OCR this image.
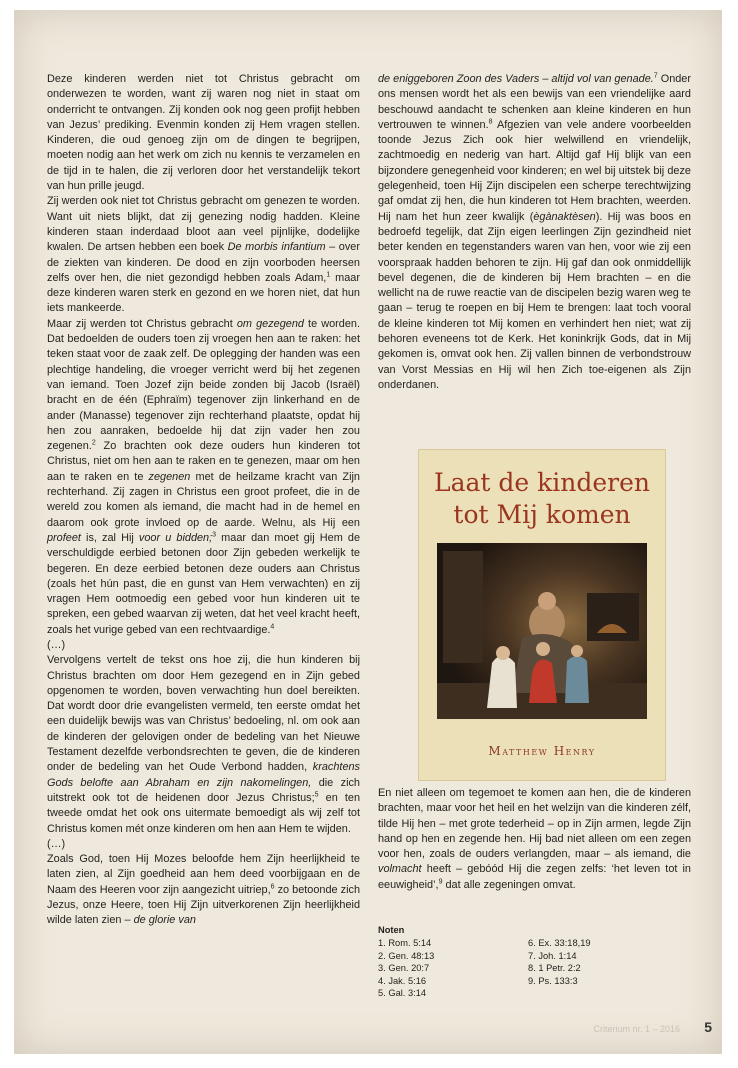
Deze kinderen werden niet tot Christus gebracht om onderwezen te worden, want zij waren nog niet in staat om onderricht te ontvangen. Zij konden ook nog geen profijt hebben van Jezus’ prediking. Evenmin konden zij Hem vragen stellen. Kinderen, die oud genoeg zijn om de dingen te begrijpen, moeten nodig aan het werk om zich nu kennis te verzamelen en de tijd in te halen, die zij verloren door het verstandelijk tekort van hun prille jeugd.

Zij werden ook niet tot Christus gebracht om genezen te worden. Want uit niets blijkt, dat zij genezing nodig hadden. Kleine kinderen staan inderdaad bloot aan veel pijnlijke, dodelijke kwalen. De artsen hebben een boek De morbis infantium – over de ziekten van kinderen. De dood en zijn voorboden heersen zelfs over hen, die niet gezondigd hebben zoals Adam,$^1$ maar deze kinderen waren sterk en gezond en we horen niet, dat hun iets mankeerde.

Maar zij werden tot Christus gebracht om gezegend te worden. Dat bedoelden de ouders toen zij vroegen hen aan te raken: het teken staat voor de zaak zelf. De oplegging der handen was een plechtige handeling, die vroeger verricht werd bij het zegenen van iemand. Toen Jozef zijn beide zonden bij Jacob (Israël) bracht en de één (Ephraïm) tegenover zijn linkerhand en de ander (Manasse) tegenover zijn rechterhand plaatste, opdat hij hen zou aanraken, bedoelde hij dat zijn vader hen zou zegenen.$^2$ Zo brachten ook deze ouders hun kinderen tot Christus, niet om hen aan te raken en te genezen, maar om hen aan te raken en te zegenen met de heilzame kracht van Zijn rechterhand. Zij zagen in Christus een groot profeet, die in de wereld zou komen als iemand, die macht had in de hemel en daarom ook grote invloed op de aarde. Welnu, als Hij een profeet is, zal Hij voor u bidden;$^3$ maar dan moet gij Hem de verschuldigde eerbied betonen door Zijn gebeden werkelijk te begeren. En deze eerbied betonen deze ouders aan Christus (zoals het hún past, die en gunst van Hem verwachten) en zij vragen Hem ootmoedig een gebed voor hun kinderen uit te spreken, een gebed waarvan zij weten, dat het veel kracht heeft, zoals het vurige gebed van een rechtvaardige.$^4$

(…)

Vervolgens vertelt de tekst ons hoe zij, die hun kinderen bij Christus brachten om door Hem gezegend en in Zijn gebed opgenomen te worden, boven verwachting hun doel bereikten. Dat wordt door drie evangelisten vermeld, ten eerste omdat het een duidelijk bewijs was van Christus’ bedoeling, nl. om ook aan de kinderen der gelovigen onder de bedeling van het Nieuwe Testament dezelfde verbondsrechten te geven, die de kinderen onder de bedeling van het Oude Verbond hadden, krachtens Gods belofte aan Abraham en zijn nakomelingen, die zich uitstrekt ook tot de heidenen door Jezus Christus;$^5$ en ten tweede omdat het ook ons uitermate bemoedigt als wij zelf tot Christus komen mét onze kinderen om hen aan Hem te wijden.

(…)

Zoals God, toen Hij Mozes beloofde hem Zijn heerlijkheid te laten zien, al Zijn goedheid aan hem deed voorbijgaan en de Naam des Heeren voor zijn aangezicht uitriep,$^6$ zo betoonde zich Jezus, onze Heere, toen Hij Zijn uitverkorenen Zijn heerlijkheid wilde laten zien – de glorie van

de eniggeboren Zoon des Vaders – altijd vol van genade.$^7$ Onder ons mensen wordt het als een bewijs van een vriendelijke aard beschouwd aandacht te schenken aan kleine kinderen en hun vertrouwen te winnen.$^8$ Afgezien van vele andere voorbeelden toonde Jezus Zich ook hier welwillend en vriendelijk, zachtmoedig en nederig van hart. Altijd gaf Hij blijk van een bijzondere genegenheid voor kinderen; en wel bij uitstek bij deze gelegenheid, toen Hij Zijn discipelen een scherpe terechtwijzing gaf omdat zij hen, die hun kinderen tot Hem brachten, weerden. Hij nam het hun zeer kwalijk (ègànaktèsen). Hij was boos en bedroefd tegelijk, dat Zijn eigen leerlingen Zijn gezindheid niet beter kenden en tegenstanders waren van hen, voor wie zij een voorspraak hadden behoren te zijn. Hij gaf dan ook onmiddellijk bevel degenen, die de kinderen bij Hem brachten – en die wellicht na de ruwe reactie van de discipelen bezig waren weg te gaan – terug te roepen en bij Hem te brengen: laat toch vooral de kleine kinderen tot Mij komen en verhindert hen niet; wat zij behoren eveneens tot de Kerk. Het koninkrijk Gods, dat in Mij gekomen is, omvat ook hen. Zij vallen binnen de verbondstrouw van Vorst Messias en Hij wil hen Zich toe-eigenen als Zijn onderdanen.

Laat de kinderen
tot Mij komen
Matthew Henry

En niet alleen om tegemoet te komen aan hen, die de kinderen brachten, maar voor het heil en het welzijn van die kinderen zélf, tilde Hij hen – met grote tederheid – op in Zijn armen, legde Zijn hand op hen en zegende hen. Hij bad niet alleen om een zegen voor hen, zoals de ouders verlangden, maar – als iemand, die volmacht heeft – gebóód Hij die zegen zelfs: ‘het leven tot in eeuwigheid’,$^9$ dat alle zegeningen omvat.

Noten
1. Rom. 5:14	6. Ex. 33:18,19
2. Gen. 48:13	7. Joh. 1:14
3. Gen. 20:7	8. 1 Petr. 2:2
4. Jak. 5:16	9. Ps. 133:3
5. Gal. 3:14
Criterium nr. 1 – 2016 5
